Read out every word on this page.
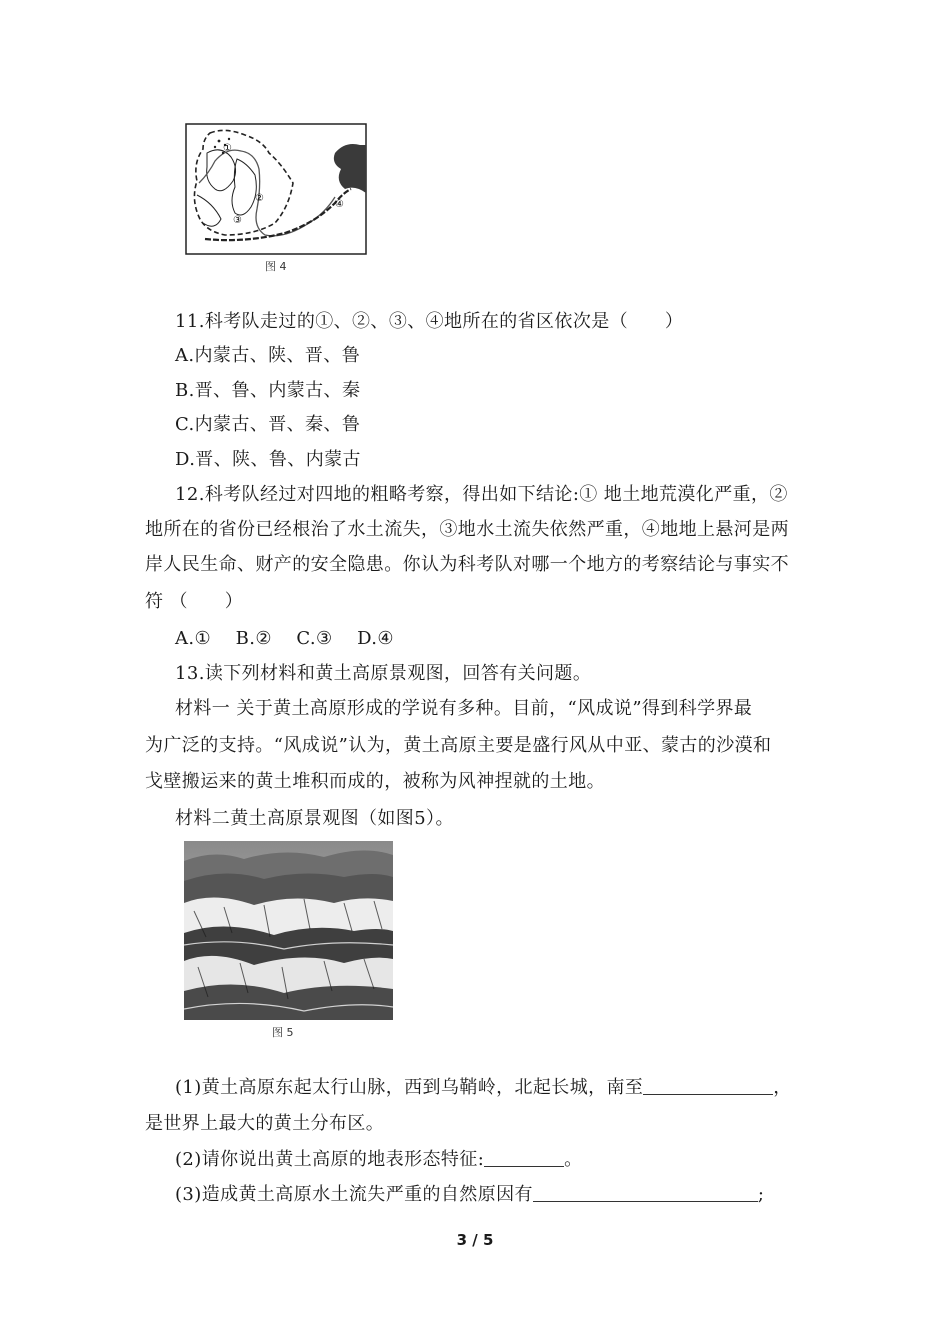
①
②
③
④
图 4
11.科考队走过的①、②、③、④地所在的省区依次是（　　）
A.内蒙古、陕、晋、鲁
B.晋、鲁、内蒙古、秦
C.内蒙古、晋、秦、鲁
D.晋、陕、鲁、内蒙古
12.科考队经过对四地的粗略考察，得出如下结论:① 地土地荒漠化严重，②
地所在的省份已经根治了水土流失，③地水土流失依然严重，④地地上悬河是两
岸人民生命、财产的安全隐患。你认为科考队对哪一个地方的考察结论与事实不
符 （　　）
A.①　 B.②　 C.③　 D.④
13.读下列材料和黄土高原景观图，回答有关问题。
材料一 关于黄土高原形成的学说有多种。目前，“风成说”得到科学界最
为广泛的支持。“风成说”认为，黄土高原主要是盛行风从中亚、蒙古的沙漠和
戈壁搬运来的黄土堆积而成的，被称为风神捏就的土地。
材料二黄土高原景观图（如图5）。
图 5
(1)黄土高原东起太行山脉，西到乌鞘岭，北起长城，南至	，
是世界上最大的黄土分布区。
(2)请你说出黄土高原的地表形态特征:	。
(3)造成黄土高原水土流失严重的自然原因有	;
3 / 5
